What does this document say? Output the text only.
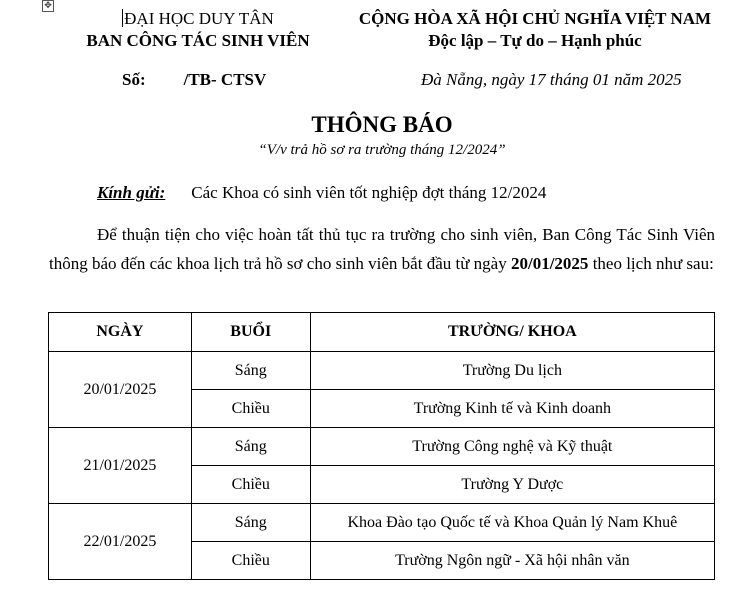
✥
ĐẠI HỌC DUY TÂN
BAN CÔNG TÁC SINH VIÊN
CỘNG HÒA XÃ HỘI CHỦ NGHĨA VIỆT NAM
Độc lập – Tự do – Hạnh phúc
Số: /TB- CTSV	Đà Nẵng, ngày 17 tháng 01 năm 2025
THÔNG BÁO
“V/v trả hồ sơ ra trường tháng 12/2024”
Kính gửi: Các Khoa có sinh viên tốt nghiệp đợt tháng 12/2024
Để thuận tiện cho việc hoàn tất thủ tục ra trường cho sinh viên, Ban Công Tác Sinh Viên thông báo đến các khoa lịch trả hồ sơ cho sinh viên bắt đầu từ ngày 20/01/2025 theo lịch như sau:
NGÀY	BUỔI	TRƯỜNG/ KHOA
20/01/2025	Sáng	Trường Du lịch
	Chiều	Trường Kinh tế và Kinh doanh
21/01/2025	Sáng	Trường Công nghệ và Kỹ thuật
	Chiều	Trường Y Dược
22/01/2025	Sáng	Khoa Đào tạo Quốc tế và Khoa Quản lý Nam Khuê
	Chiều	Trường Ngôn ngữ - Xã hội nhân văn
